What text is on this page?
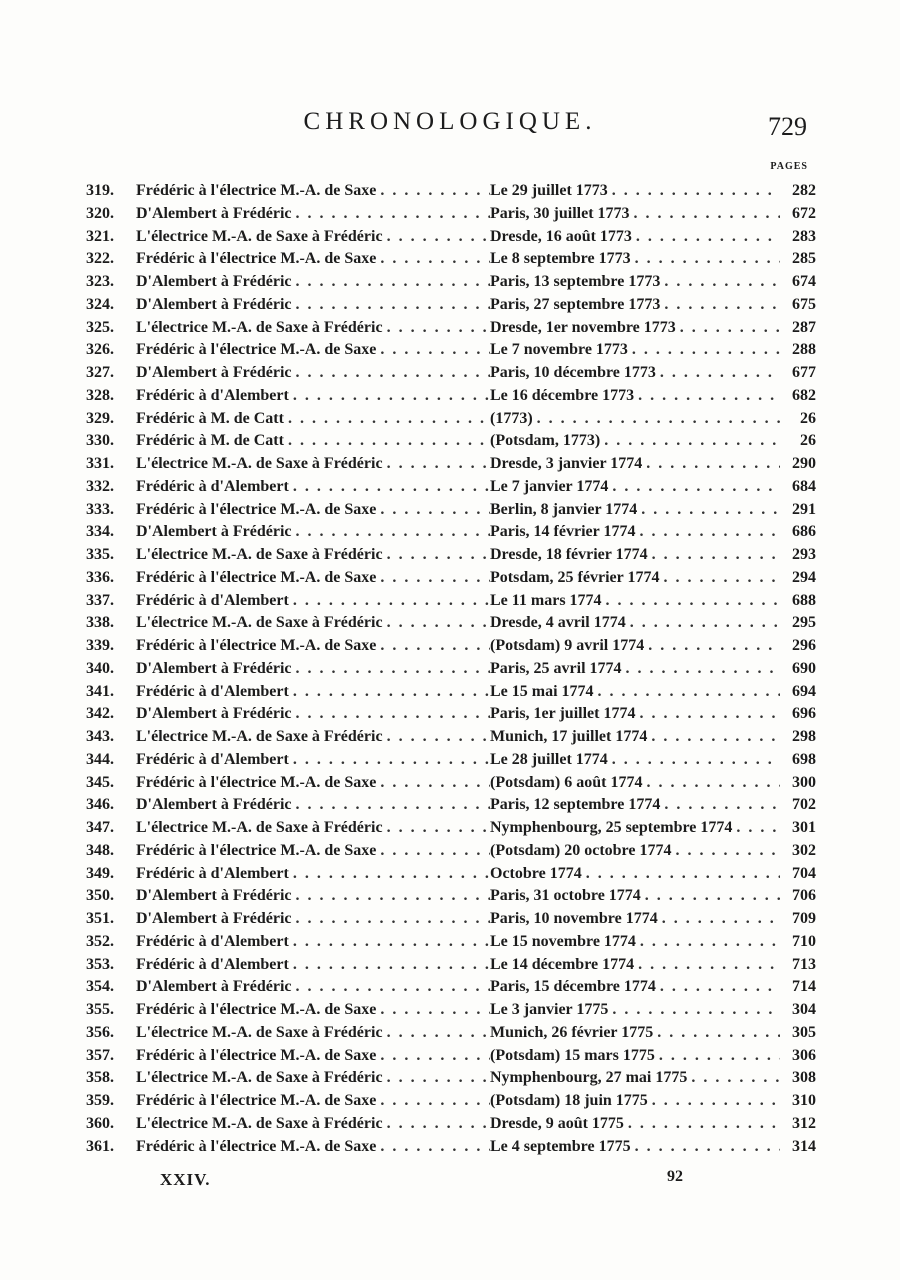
CHRONOLOGIQUE.	729
PAGES
319.	Frédéric à l'électrice M.-A. de Saxe . . .	Le 29 juillet 1773 . . .	282
320.	D'Alembert à Frédéric . . .	Paris, 30 juillet 1773 . . .	672
321.	L'électrice M.-A. de Saxe à Frédéric . . .	Dresde, 16 août 1773 . . .	283
322.	Frédéric à l'électrice M.-A. de Saxe . . .	Le 8 septembre 1773 . . .	285
323.	D'Alembert à Frédéric . . .	Paris, 13 septembre 1773 . . .	674
324.	D'Alembert à Frédéric . . .	Paris, 27 septembre 1773 . . .	675
325.	L'électrice M.-A. de Saxe à Frédéric . . .	Dresde, 1er novembre 1773 . . .	287
326.	Frédéric à l'électrice M.-A. de Saxe . . .	Le 7 novembre 1773 . . .	288
327.	D'Alembert à Frédéric . . .	Paris, 10 décembre 1773 . . .	677
328.	Frédéric à d'Alembert . . .	Le 16 décembre 1773 . . .	682
329.	Frédéric à M. de Catt . . .	(1773) . . .	26
330.	Frédéric à M. de Catt . . .	(Potsdam, 1773) . . .	26
331.	L'électrice M.-A. de Saxe à Frédéric . . .	Dresde, 3 janvier 1774 . . .	290
332.	Frédéric à d'Alembert . . .	Le 7 janvier 1774 . . .	684
333.	Frédéric à l'électrice M.-A. de Saxe . . .	Berlin, 8 janvier 1774 . . .	291
334.	D'Alembert à Frédéric . . .	Paris, 14 février 1774 . . .	686
335.	L'électrice M.-A. de Saxe à Frédéric . . .	Dresde, 18 février 1774 . . .	293
336.	Frédéric à l'électrice M.-A. de Saxe . . .	Potsdam, 25 février 1774 . . .	294
337.	Frédéric à d'Alembert . . .	Le 11 mars 1774 . . .	688
338.	L'électrice M.-A. de Saxe à Frédéric . . .	Dresde, 4 avril 1774 . . .	295
339.	Frédéric à l'électrice M.-A. de Saxe . . .	(Potsdam) 9 avril 1774 . . .	296
340.	D'Alembert à Frédéric . . .	Paris, 25 avril 1774 . . .	690
341.	Frédéric à d'Alembert . . .	Le 15 mai 1774 . . .	694
342.	D'Alembert à Frédéric . . .	Paris, 1er juillet 1774 . . .	696
343.	L'électrice M.-A. de Saxe à Frédéric . . .	Munich, 17 juillet 1774 . . .	298
344.	Frédéric à d'Alembert . . .	Le 28 juillet 1774 . . .	698
345.	Frédéric à l'électrice M.-A. de Saxe . . .	(Potsdam) 6 août 1774 . . .	300
346.	D'Alembert à Frédéric . . .	Paris, 12 septembre 1774 . . .	702
347.	L'électrice M.-A. de Saxe à Frédéric . . .	Nymphenbourg, 25 septembre 1774 . . .	301
348.	Frédéric à l'électrice M.-A. de Saxe . . .	(Potsdam) 20 octobre 1774 . . .	302
349.	Frédéric à d'Alembert . . .	Octobre 1774 . . .	704
350.	D'Alembert à Frédéric . . .	Paris, 31 octobre 1774 . . .	706
351.	D'Alembert à Frédéric . . .	Paris, 10 novembre 1774 . . .	709
352.	Frédéric à d'Alembert . . .	Le 15 novembre 1774 . . .	710
353.	Frédéric à d'Alembert . . .	Le 14 décembre 1774 . . .	713
354.	D'Alembert à Frédéric . . .	Paris, 15 décembre 1774 . . .	714
355.	Frédéric à l'électrice M.-A. de Saxe . . .	Le 3 janvier 1775 . . .	304
356.	L'électrice M.-A. de Saxe à Frédéric . . .	Munich, 26 février 1775 . . .	305
357.	Frédéric à l'électrice M.-A. de Saxe . . .	(Potsdam) 15 mars 1775 . . .	306
358.	L'électrice M.-A. de Saxe à Frédéric . . .	Nymphenbourg, 27 mai 1775 . . .	308
359.	Frédéric à l'électrice M.-A. de Saxe . . .	(Potsdam) 18 juin 1775 . . .	310
360.	L'électrice M.-A. de Saxe à Frédéric . . .	Dresde, 9 août 1775 . . .	312
361.	Frédéric à l'électrice M.-A. de Saxe . . .	Le 4 septembre 1775 . . .	314
XXIV.	92
